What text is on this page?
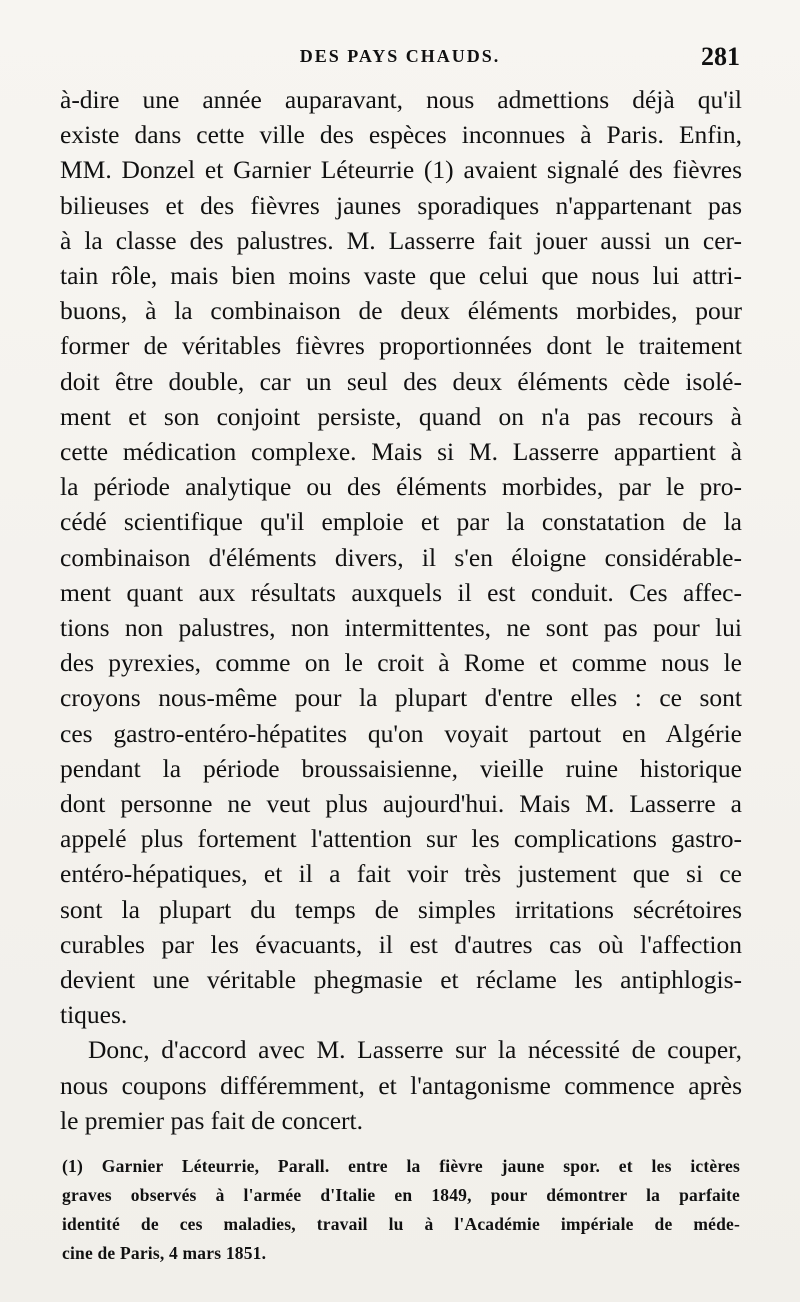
DES PAYS CHAUDS.	281
à-dire une année auparavant, nous admettions déjà qu'il
existe dans cette ville des espèces inconnues à Paris. Enfin,
MM. Donzel et Garnier Léteurrie (1) avaient signalé des fièvres
bilieuses et des fièvres jaunes sporadiques n'appartenant pas
à la classe des palustres. M. Lasserre fait jouer aussi un cer-
tain rôle, mais bien moins vaste que celui que nous lui attri-
buons, à la combinaison de deux éléments morbides, pour
former de véritables fièvres proportionnées dont le traitement
doit être double, car un seul des deux éléments cède isolé-
ment et son conjoint persiste, quand on n'a pas recours à
cette médication complexe. Mais si M. Lasserre appartient à
la période analytique ou des éléments morbides, par le pro-
cédé scientifique qu'il emploie et par la constatation de la
combinaison d'éléments divers, il s'en éloigne considérable-
ment quant aux résultats auxquels il est conduit. Ces affec-
tions non palustres, non intermittentes, ne sont pas pour lui
des pyrexies, comme on le croit à Rome et comme nous le
croyons nous-même pour la plupart d'entre elles : ce sont
ces gastro-entéro-hépatites qu'on voyait partout en Algérie
pendant la période broussaisienne, vieille ruine historique
dont personne ne veut plus aujourd'hui. Mais M. Lasserre a
appelé plus fortement l'attention sur les complications gastro-
entéro-hépatiques, et il a fait voir très justement que si ce
sont la plupart du temps de simples irritations sécrétoires
curables par les évacuants, il est d'autres cas où l'affection
devient une véritable phegmasie et réclame les antiphlogis-
tiques.
Donc, d'accord avec M. Lasserre sur la nécessité de couper,
nous coupons différemment, et l'antagonisme commence après
le premier pas fait de concert.
(1) Garnier Léteurrie, Parall. entre la fièvre jaune spor. et les ictères
graves observés à l'armée d'Italie en 1849, pour démontrer la parfaite
identité de ces maladies, travail lu à l'Académie impériale de méde-
cine de Paris, 4 mars 1851.
